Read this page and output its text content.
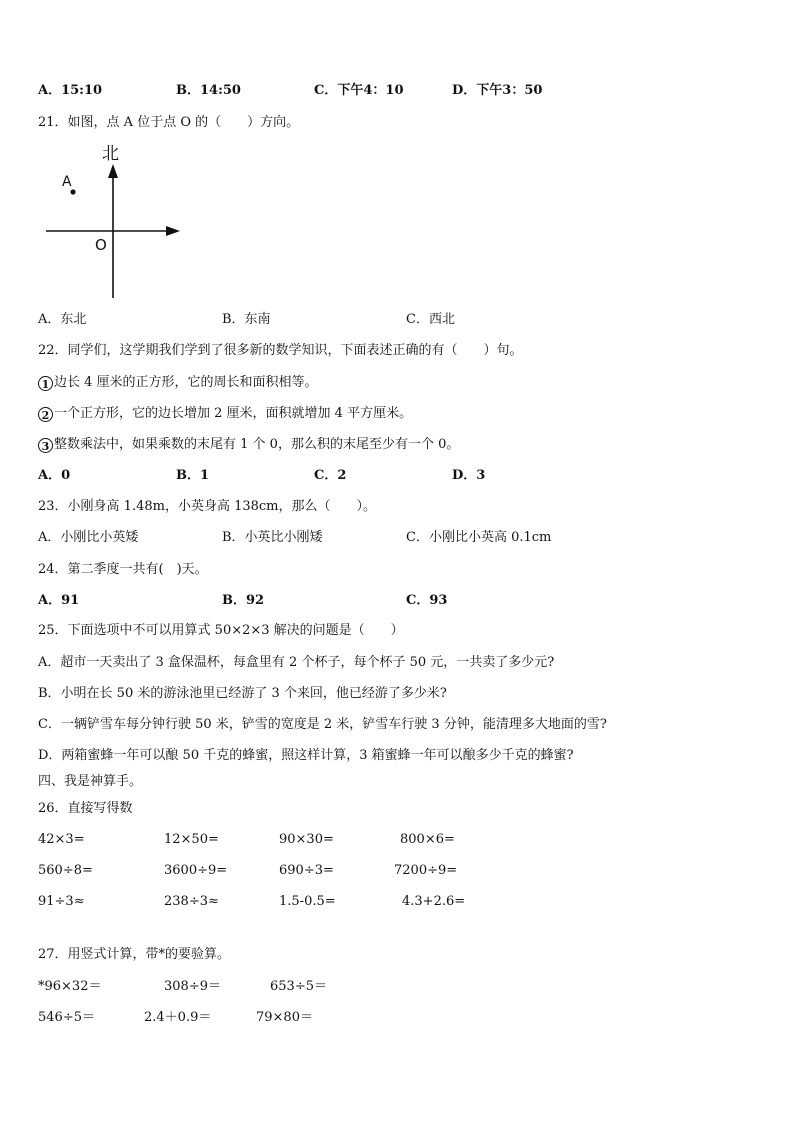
A．15:10	B．14:50	C．下午4：10	D．下午3：50
21．如图，点 A 位于点 O 的（　　）方向。
北
A
O
A．东北	B．东南	C．西北
22．同学们，这学期我们学到了很多新的数学知识，下面表述正确的有（　　）句。
1 边长 4 厘米的正方形，它的周长和面积相等。
2 一个正方形，它的边长增加 2 厘米，面积就增加 4 平方厘米。
3 整数乘法中，如果乘数的末尾有 1 个 0，那么积的末尾至少有一个 0。
A．0	B．1	C．2	D．3
23．小刚身高 1.48m，小英身高 138cm，那么（　　）。
A．小刚比小英矮	B．小英比小刚矮	C．小刚比小英高 0.1cm
24．第二季度一共有(　)天。
A．91	B．92	C．93
25．下面选项中不可以用算式 50×2×3 解决的问题是（　　）
A．超市一天卖出了 3 盒保温杯，每盒里有 2 个杯子，每个杯子 50 元，一共卖了多少元?
B．小明在长 50 米的游泳池里已经游了 3 个来回，他已经游了多少米?
C．一辆铲雪车每分钟行驶 50 米，铲雪的宽度是 2 米，铲雪车行驶 3 分钟，能清理多大地面的雪?
D．两箱蜜蜂一年可以酿 50 千克的蜂蜜，照这样计算，3 箱蜜蜂一年可以酿多少千克的蜂蜜?
四、我是神算手。
26．直接写得数
42×3=	12×50=	90×30=	800×6=
560÷8=	3600÷9=	690÷3=	7200÷9=
91÷3≈	238÷3≈	1.5-0.5=	4.3+2.6=
27．用竖式计算，带*的要验算。
*96×32＝	308÷9＝	653÷5＝
546÷5＝	2.4＋0.9＝	79×80＝
